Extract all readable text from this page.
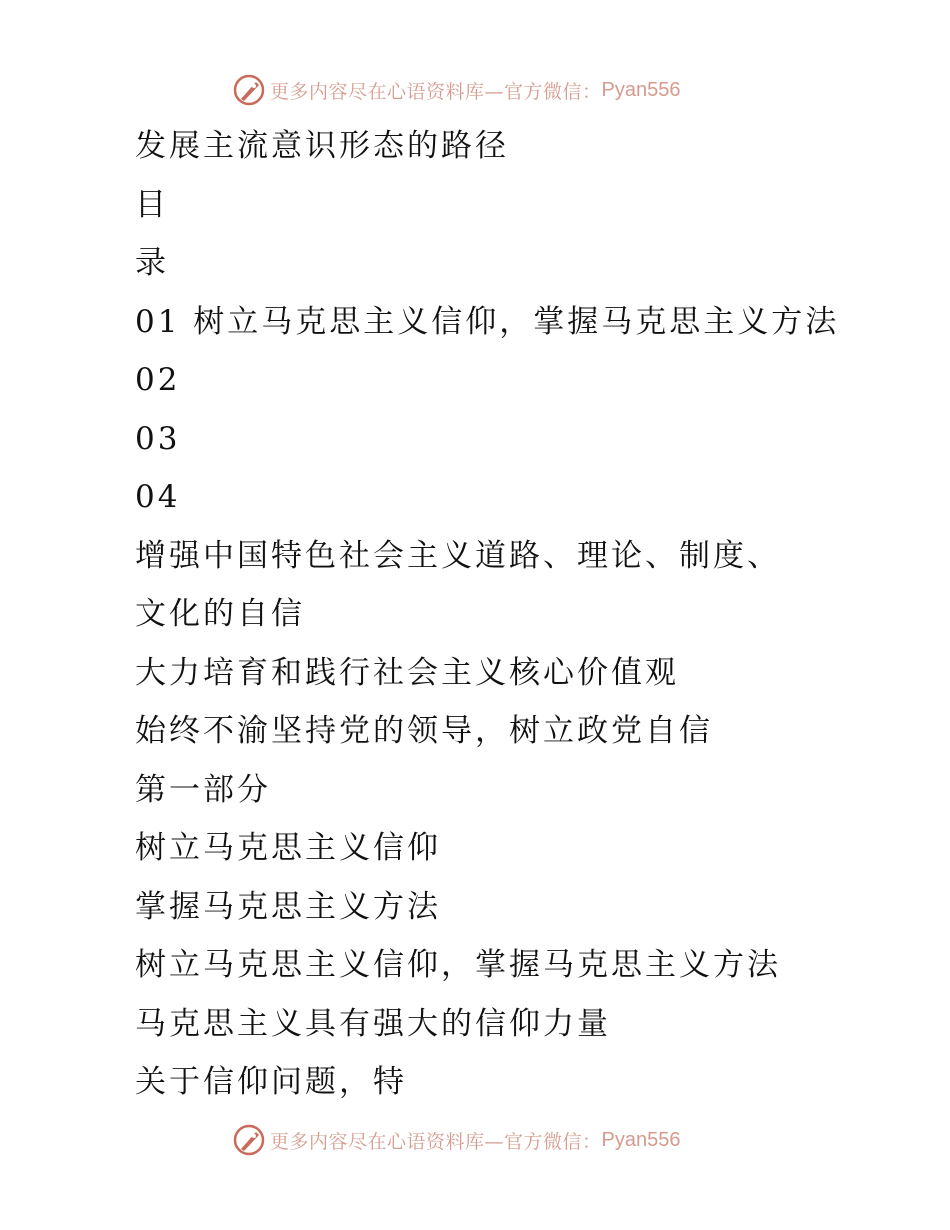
更多内容尽在心语资料库—官方微信： Pyan556
发展主流意识形态的路径
目
录
01 树立马克思主义信仰，掌握马克思主义方法
02
03
04
增强中国特色社会主义道路、理论、制度、
文化的自信
大力培育和践行社会主义核心价值观
始终不渝坚持党的领导，树立政党自信
第一部分
树立马克思主义信仰
掌握马克思主义方法
树立马克思主义信仰，掌握马克思主义方法
马克思主义具有强大的信仰力量
关于信仰问题，特
更多内容尽在心语资料库—官方微信： Pyan556
